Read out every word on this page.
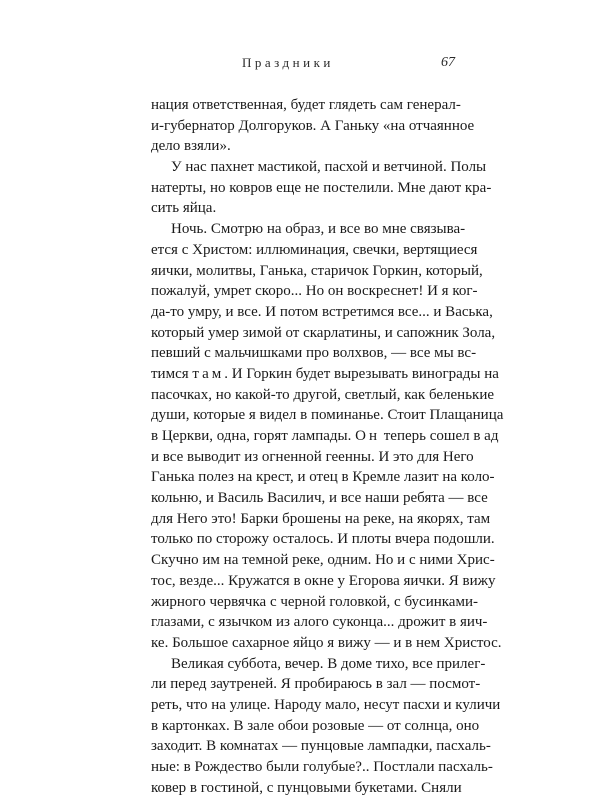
Праздники	67
нация ответственная, будет глядеть сам генерал-
и-губернатор Долгоруков. А Ганьку «на отчаянное
дело взяли».
У нас пахнет мастикой, пасхой и ветчиной. Полы
натерты, но ковров еще не постелили. Мне дают кра-
сить яйца.
Ночь. Смотрю на образ, и все во мне связыва-
ется с Христом: иллюминация, свечки, вертящиеся
яички, молитвы, Ганька, старичок Горкин, который,
пожалуй, умрет скоро... Но он воскреснет! И я ког-
да-то умру, и все. И потом встретимся все... и Васька,
который умер зимой от скарлатины, и сапожник Зола,
певший с мальчишками про волхвов, — все мы вс-
тимся там. И Горкин будет вырезывать винограды на
пасочках, но какой-то другой, светлый, как беленькие
души, которые я видел в поминанье. Стоит Плащаница
в Церкви, одна, горят лампады. Он теперь сошел в ад
и все выводит из огненной геенны. И это для Него
Ганька полез на крест, и отец в Кремле лазит на коло-
кольню, и Василь Василич, и все наши ребята — все
для Него это! Барки брошены на реке, на якорях, там
только по сторожу осталось. И плоты вчера подошли.
Скучно им на темной реке, одним. Но и с ними Хрис-
тос, везде... Кружатся в окне у Егорова яички. Я вижу
жирного червячка с черной головкой, с бусинками-
глазами, с язычком из алого суконца... дрожит в яич-
ке. Большое сахарное яйцо я вижу — и в нем Христос.
Великая суббота, вечер. В доме тихо, все прилег-
ли перед заутреней. Я пробираюсь в зал — посмот-
реть, что на улице. Народу мало, несут пасхи и куличи
в картонках. В зале обои розовые — от солнца, оно
заходит. В комнатах — пунцовые лампадки, пасхаль-
ные: в Рождество были голубые?.. Постлали пасхаль-
ковер в гостиной, с пунцовыми букетами. Сняли
